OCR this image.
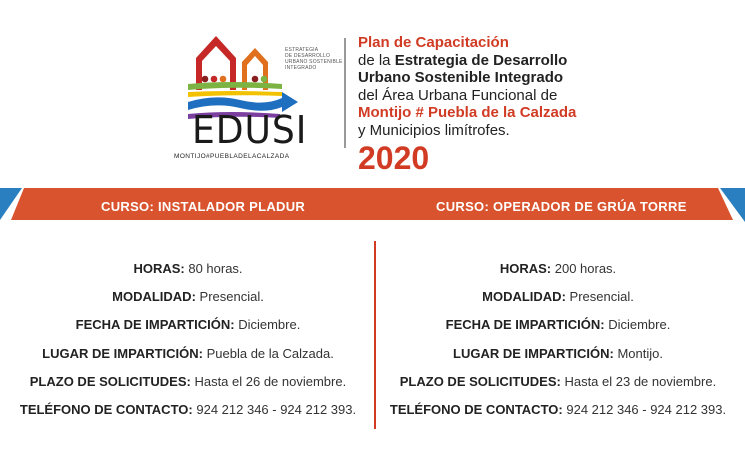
ESTRATEGIA
DE DESARROLLO
URBANO SOSTENIBLE
INTEGRADO
EDUSI
MONTIJO#PUEBLADELACALZADA
Plan de Capacitación
de la Estrategia de Desarrollo
Urbano Sostenible Integrado
del Área Urbana Funcional de
Montijo # Puebla de la Calzada
y Municipios limítrofes.
2020
CURSO: INSTALADOR PLADUR	CURSO: OPERADOR DE GRÚA TORRE
HORAS: 80 horas.
MODALIDAD: Presencial.
FECHA DE IMPARTICIÓN: Diciembre.
LUGAR DE IMPARTICIÓN: Puebla de la Calzada.
PLAZO DE SOLICITUDES: Hasta el 26 de noviembre.
TELÉFONO DE CONTACTO: 924 212 346 - 924 212 393.
HORAS: 200 horas.
MODALIDAD: Presencial.
FECHA DE IMPARTICIÓN: Diciembre.
LUGAR DE IMPARTICIÓN: Montijo.
PLAZO DE SOLICITUDES: Hasta el 23 de noviembre.
TELÉFONO DE CONTACTO: 924 212 346 - 924 212 393.
